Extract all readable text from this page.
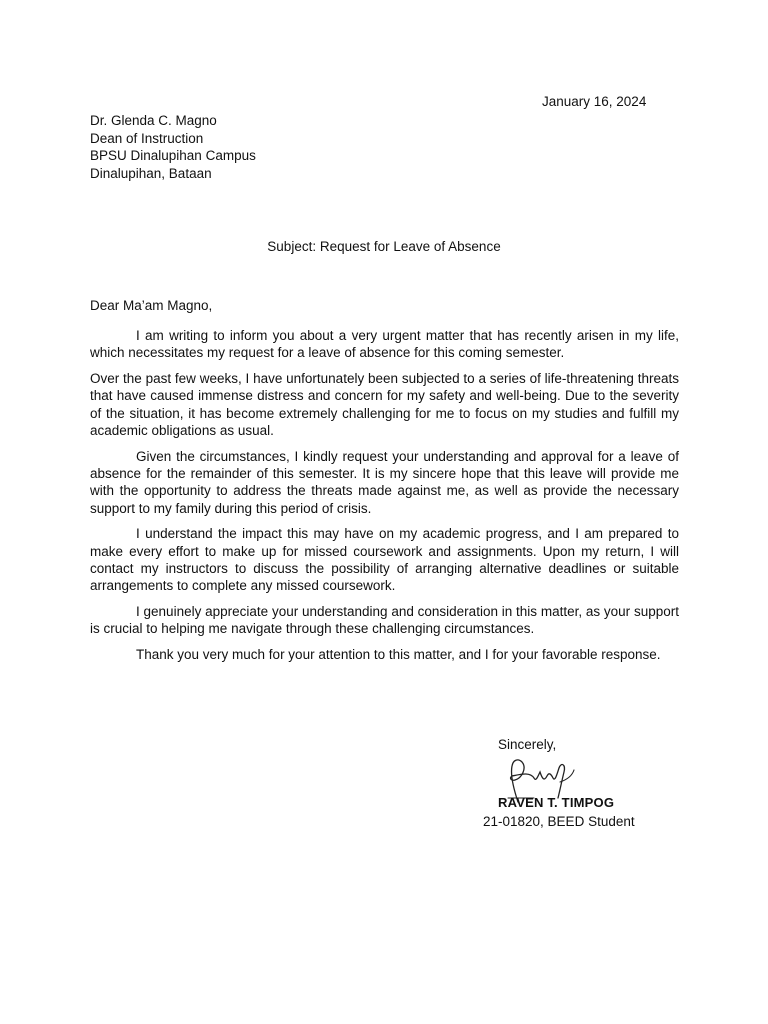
January 16, 2024
Dr. Glenda C. Magno
Dean of Instruction
BPSU Dinalupihan Campus
Dinalupihan, Bataan
Subject: Request for Leave of Absence
Dear Ma’am Magno,

I am writing to inform you about a very urgent matter that has recently arisen in my life, which necessitates my request for a leave of absence for this coming semester.

Over the past few weeks, I have unfortunately been subjected to a series of life-threatening threats that have caused immense distress and concern for my safety and well-being. Due to the severity of the situation, it has become extremely challenging for me to focus on my studies and fulfill my academic obligations as usual.

Given the circumstances, I kindly request your understanding and approval for a leave of absence for the remainder of this semester. It is my sincere hope that this leave will provide me with the opportunity to address the threats made against me, as well as provide the necessary support to my family during this period of crisis.

I understand the impact this may have on my academic progress, and I am prepared to make every effort to make up for missed coursework and assignments. Upon my return, I will contact my instructors to discuss the possibility of arranging alternative deadlines or suitable arrangements to complete any missed coursework.

I genuinely appreciate your understanding and consideration in this matter, as your support is crucial to helping me navigate through these challenging circumstances.

Thank you very much for your attention to this matter, and I for your favorable response.

Sincerely,
RAVEN T. TIMPOG
21-01820, BEED Student
